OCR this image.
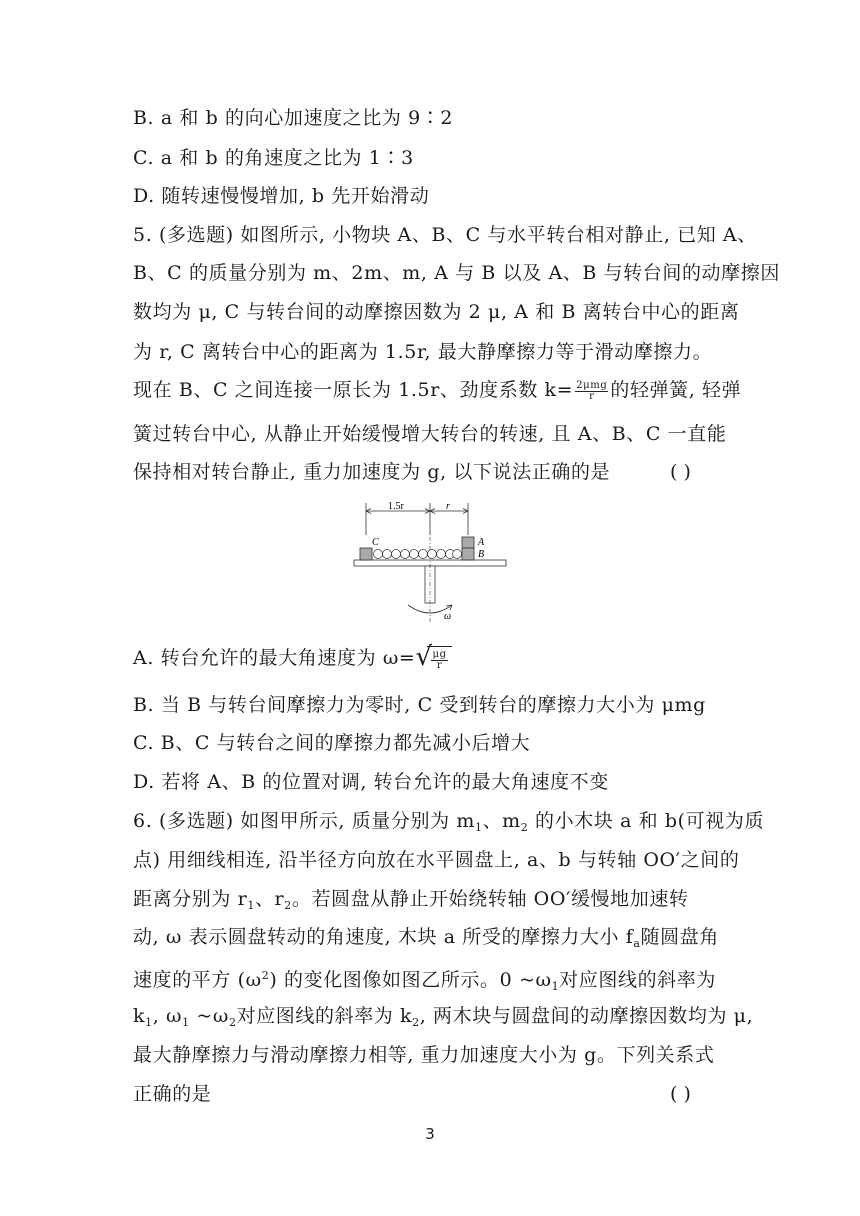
B. a 和 b 的向心加速度之比为 9∶2
C. a 和 b 的角速度之比为 1∶3
D. 随转速慢慢增加, b 先开始滑动
5. (多选题) 如图所示, 小物块 A、B、C 与水平转台相对静止, 已知 A、
B、C 的质量分别为 m、2m、m, A 与 B 以及 A、B 与转台间的动摩擦因
数均为 μ, C 与转台间的动摩擦因数为 2 μ, A 和 B 离转台中心的距离
为 r, C 离转台中心的距离为 1.5r, 最大静摩擦力等于滑动摩擦力。
现在 B、C 之间连接一原长为 1.5r、劲度系数 $k= \frac{\text{2μmg}}{r}$ 的轻弹簧, 轻弹
簧过转台中心, 从静止开始缓慢增大转台的转速, 且 A、B、C 一直能
保持相对转台静止, 重力加速度为 g, 以下说法正确的是	( )
1.5r	r
C	A
B
ω
A. 转台允许的最大角速度为 ω= √
$\frac{\mu g}{r}$
B. 当 B 与转台间摩擦力为零时, C 受到转台的摩擦力大小为 μmg
C. B、C 与转台之间的摩擦力都先减小后增大
D. 若将 A、B 的位置对调, 转台允许的最大角速度不变
6. (多选题) 如图甲所示, 质量分别为 $m_1$、$m_2$ 的小木块 a 和 b(可视为质
点) 用细线相连, 沿半径方向放在水平圆盘上, a、b 与转轴 OO′之间的
距离分别为 $r_1$、$r_2$。若圆盘从静止开始绕转轴 OO′缓慢地加速转
动, ω 表示圆盘转动的角速度, 木块 a 所受的摩擦力大小 $f_a$随圆盘角
速度的平方 $(\omega^2)$ 的变化图像如图乙所示。0 $\sim\omega_1$对应图线的斜率为
$k_1$, $\omega_1$ $\sim\omega_2$对应图线的斜率为 $k_2$, 两木块与圆盘间的动摩擦因数均为 μ,
最大静摩擦力与滑动摩擦力相等, 重力加速度大小为 g。下列关系式
正确的是	( )
3
